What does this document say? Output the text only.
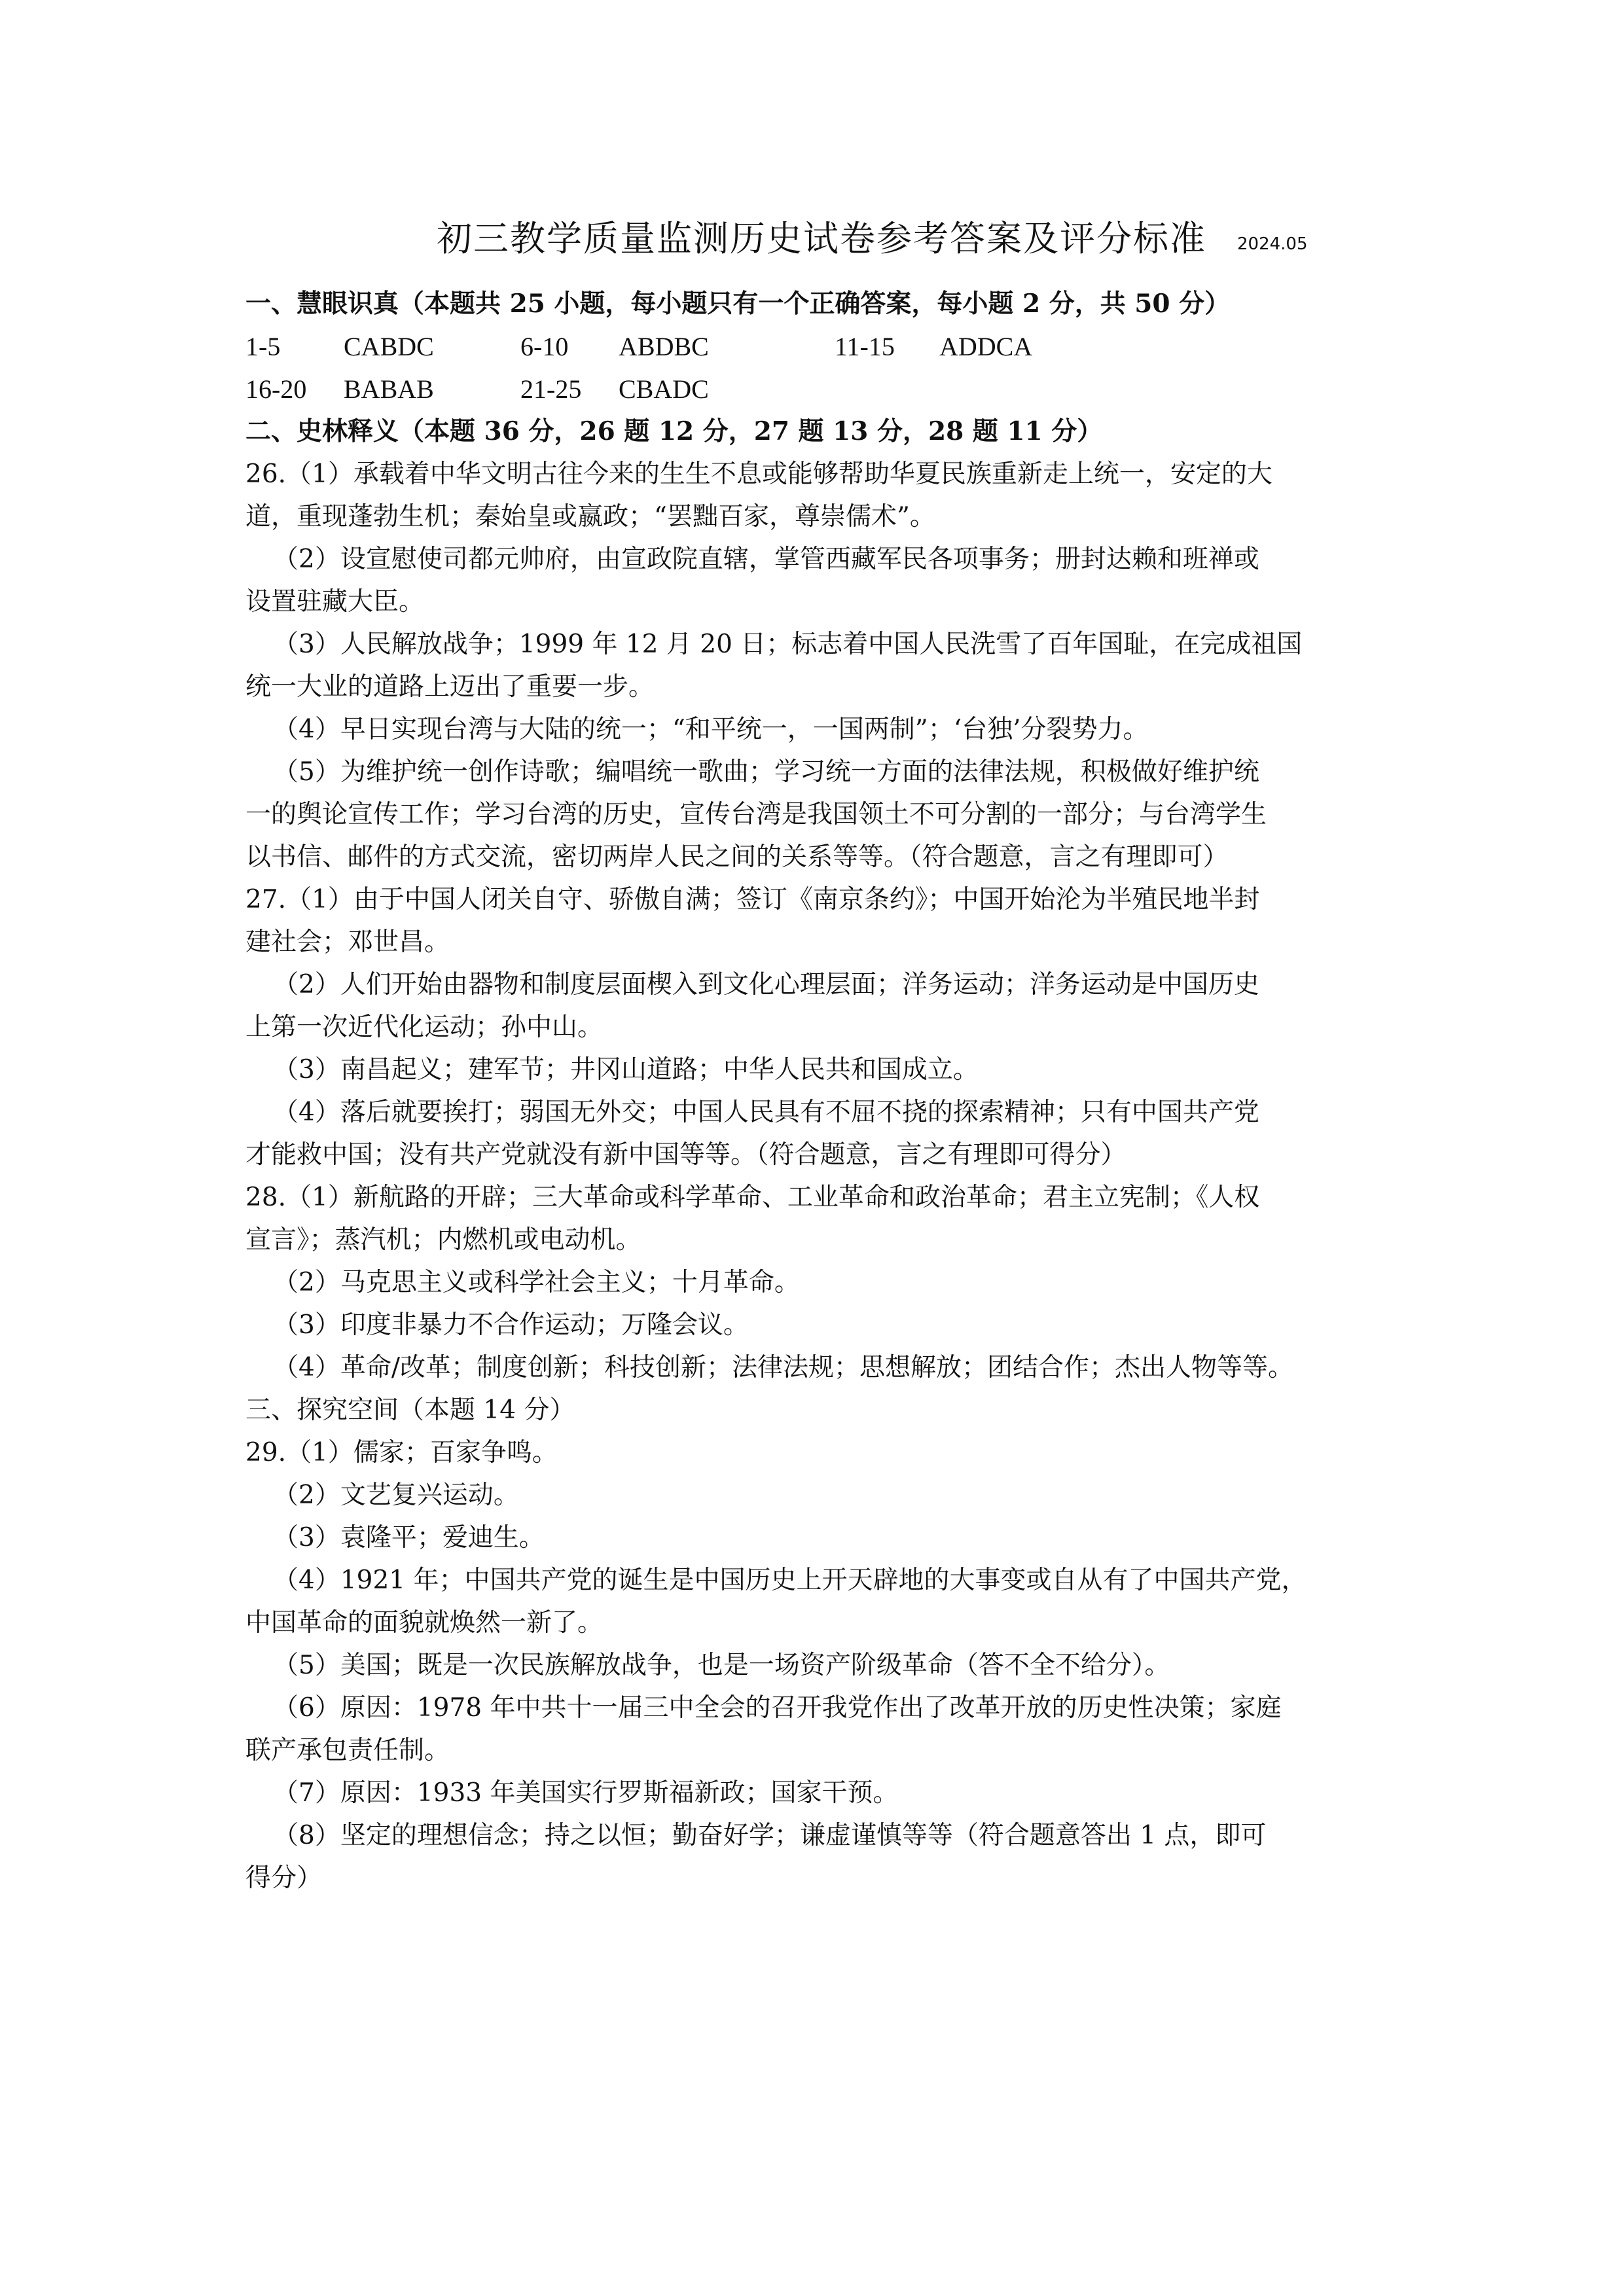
初三教学质量监测历史试卷参考答案及评分标准 2024.05
一、慧眼识真（本题共 25 小题，每小题只有一个正确答案，每小题 2 分，共 50 分）
1-5	CABDC	6-10	ABDBC	11-15	ADDCA
16-20	BABAB	21-25	CBADC
二、史林释义（本题 36 分，26 题 12 分，27 题 13 分，28 题 11 分）
26.（1）承载着中华文明古往今来的生生不息或能够帮助华夏民族重新走上统一，安定的大
道，重现蓬勃生机；秦始皇或嬴政；“罢黜百家，尊崇儒术”。
（2）设宣慰使司都元帅府，由宣政院直辖，掌管西藏军民各项事务；册封达赖和班禅或
设置驻藏大臣。
（3）人民解放战争；1999 年 12 月 20 日；标志着中国人民洗雪了百年国耻，在完成祖国
统一大业的道路上迈出了重要一步。
（4）早日实现台湾与大陆的统一；“和平统一，一国两制”；‘台独’分裂势力。
（5）为维护统一创作诗歌；编唱统一歌曲；学习统一方面的法律法规，积极做好维护统
一的舆论宣传工作；学习台湾的历史，宣传台湾是我国领土不可分割的一部分；与台湾学生
以书信、邮件的方式交流，密切两岸人民之间的关系等等。（符合题意，言之有理即可）
27.（1）由于中国人闭关自守、骄傲自满；签订《南京条约》；中国开始沦为半殖民地半封
建社会；邓世昌。
（2）人们开始由器物和制度层面楔入到文化心理层面；洋务运动；洋务运动是中国历史
上第一次近代化运动；孙中山。
（3）南昌起义；建军节；井冈山道路；中华人民共和国成立。
（4）落后就要挨打；弱国无外交；中国人民具有不屈不挠的探索精神；只有中国共产党
才能救中国；没有共产党就没有新中国等等。（符合题意，言之有理即可得分）
28.（1）新航路的开辟；三大革命或科学革命、工业革命和政治革命；君主立宪制；《人权
宣言》；蒸汽机；内燃机或电动机。
（2）马克思主义或科学社会主义；十月革命。
（3）印度非暴力不合作运动；万隆会议。
（4）革命/改革；制度创新；科技创新；法律法规；思想解放；团结合作；杰出人物等等。
三、探究空间（本题 14 分）
29.（1）儒家；百家争鸣。
（2）文艺复兴运动。
（3）袁隆平；爱迪生。
（4）1921 年；中国共产党的诞生是中国历史上开天辟地的大事变或自从有了中国共产党，
中国革命的面貌就焕然一新了。
（5）美国；既是一次民族解放战争，也是一场资产阶级革命（答不全不给分）。
（6）原因：1978 年中共十一届三中全会的召开我党作出了改革开放的历史性决策；家庭
联产承包责任制。
（7）原因：1933 年美国实行罗斯福新政；国家干预。
（8）坚定的理想信念；持之以恒；勤奋好学；谦虚谨慎等等（符合题意答出 1 点，即可
得分）
